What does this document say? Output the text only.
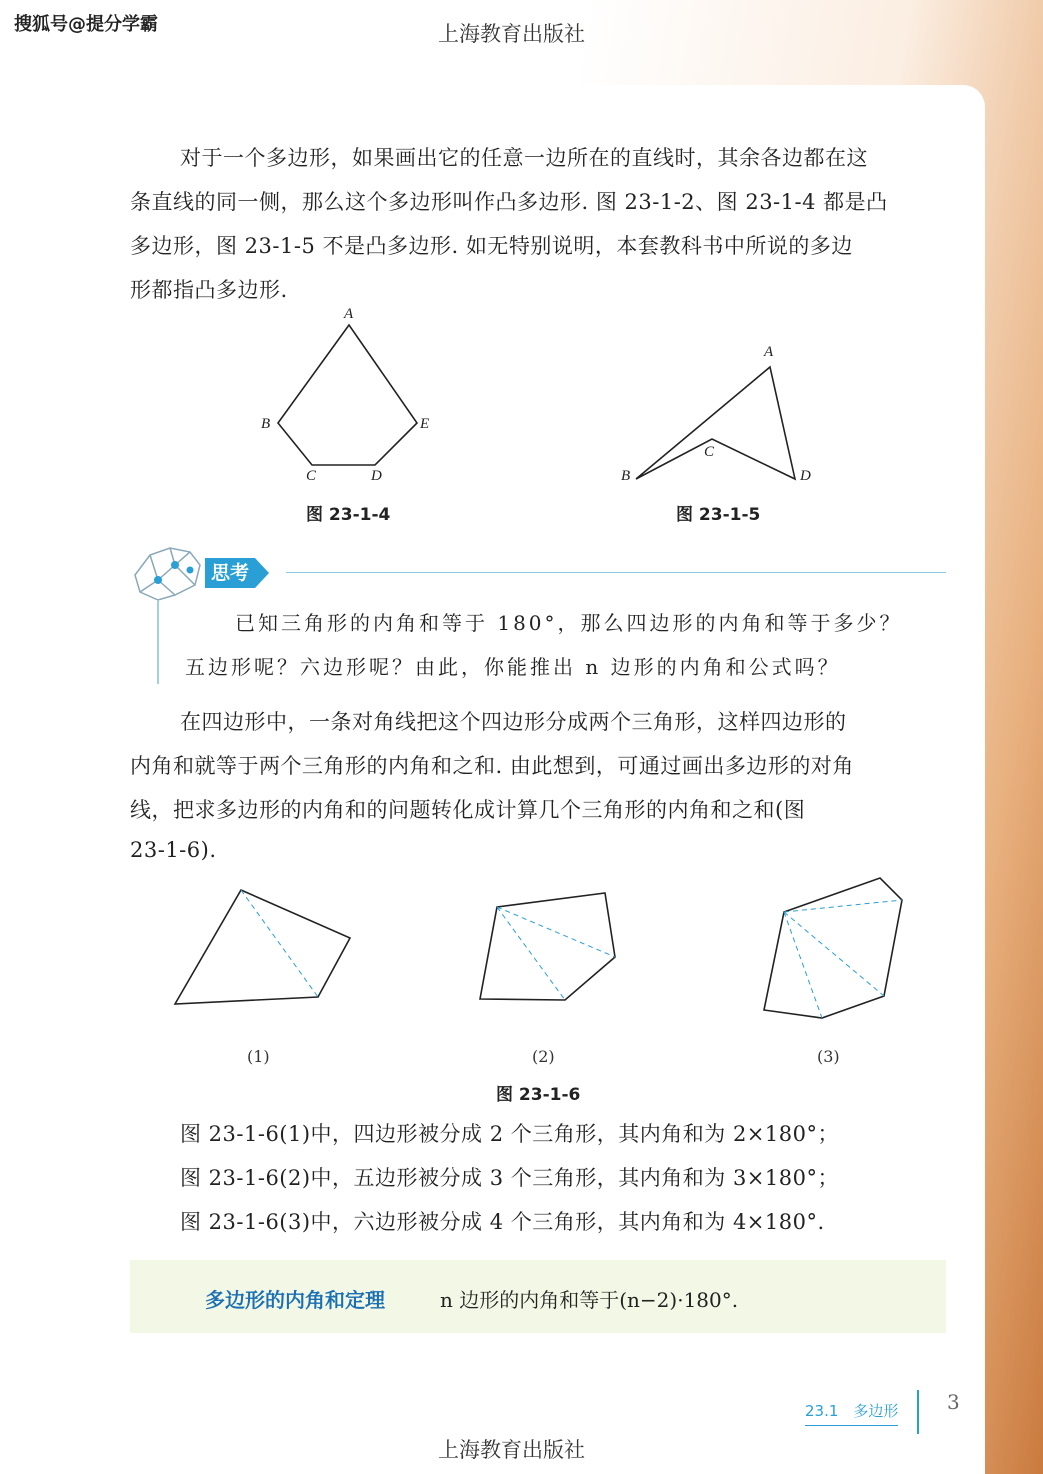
搜狐号@提分学霸	上海教育出版社
对于一个多边形，如果画出它的任意一边所在的直线时，其余各边都在这
条直线的同一侧，那么这个多边形叫作凸多边形. 图 23-1-2、图 23-1-4 都是凸
多边形，图 23-1-5 不是凸多边形. 如无特别说明，本套教科书中所说的多边
形都指凸多边形.
A
B
C	D
E
图 23-1-4
A
B
C
D
图 23-1-5
思考
已知三角形的内角和等于 180°，那么四边形的内角和等于多少？
五边形呢？六边形呢？由此，你能推出 n 边形的内角和公式吗？
在四边形中，一条对角线把这个四边形分成两个三角形，这样四边形的
内角和就等于两个三角形的内角和之和. 由此想到，可通过画出多边形的对角
线，把求多边形的内角和的问题转化成计算几个三角形的内角和之和(图
23-1-6).
(1)	(2)	(3)
图 23-1-6
图 23-1-6(1)中，四边形被分成 2 个三角形，其内角和为 2×180°；
图 23-1-6(2)中，五边形被分成 3 个三角形，其内角和为 3×180°；
图 23-1-6(3)中，六边形被分成 4 个三角形，其内角和为 4×180°.
多边形的内角和定理	n 边形的内角和等于(n−2)·180°.
23.1　多边形 3
上海教育出版社
